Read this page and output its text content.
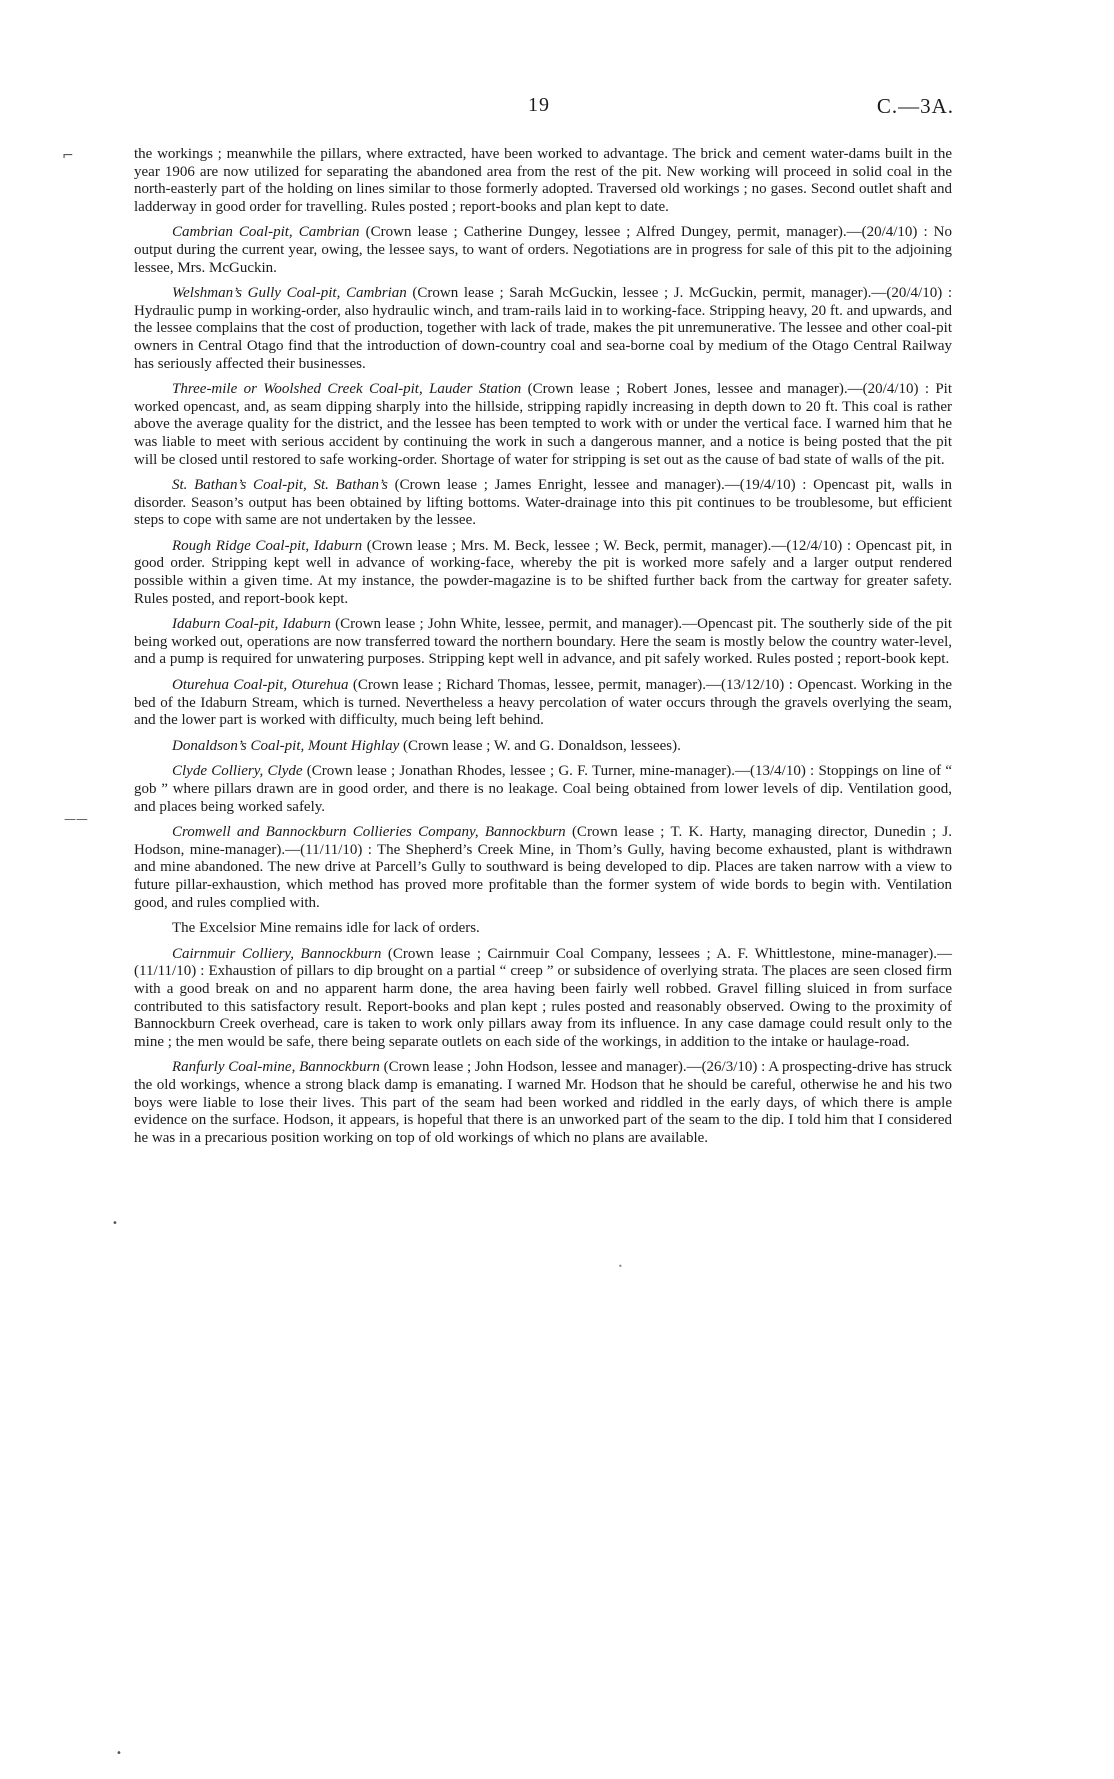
19	C.—3A.
⌐
— —
•
•
•

the workings ; meanwhile the pillars, where extracted, have been worked to advantage. The brick and cement water-dams built in the year 1906 are now utilized for separating the abandoned area from the rest of the pit. New working will proceed in solid coal in the north-easterly part of the holding on lines similar to those formerly adopted. Traversed old workings ; no gases. Second outlet shaft and ladderway in good order for travelling. Rules posted ; report-books and plan kept to date.

Cambrian Coal-pit, Cambrian (Crown lease ; Catherine Dungey, lessee ; Alfred Dungey, permit, manager).—(20/4/10) : No output during the current year, owing, the lessee says, to want of orders. Negotiations are in progress for sale of this pit to the adjoining lessee, Mrs. McGuckin.

Welshman’s Gully Coal-pit, Cambrian (Crown lease ; Sarah McGuckin, lessee ; J. McGuckin, permit, manager).—(20/4/10) : Hydraulic pump in working-order, also hydraulic winch, and tram-rails laid in to working-face. Stripping heavy, 20 ft. and upwards, and the lessee complains that the cost of production, together with lack of trade, makes the pit unremunerative. The lessee and other coal-pit owners in Central Otago find that the introduction of down-country coal and sea-borne coal by medium of the Otago Central Railway has seriously affected their businesses.

Three-mile or Woolshed Creek Coal-pit, Lauder Station (Crown lease ; Robert Jones, lessee and manager).—(20/4/10) : Pit worked opencast, and, as seam dipping sharply into the hillside, stripping rapidly increasing in depth down to 20 ft. This coal is rather above the average quality for the district, and the lessee has been tempted to work with or under the vertical face. I warned him that he was liable to meet with serious accident by continuing the work in such a dangerous manner, and a notice is being posted that the pit will be closed until restored to safe working-order. Shortage of water for stripping is set out as the cause of bad state of walls of the pit.

St. Bathan’s Coal-pit, St. Bathan’s (Crown lease ; James Enright, lessee and manager).—(19/4/10) : Opencast pit, walls in disorder. Season’s output has been obtained by lifting bottoms. Water-drainage into this pit continues to be troublesome, but efficient steps to cope with same are not undertaken by the lessee.

Rough Ridge Coal-pit, Idaburn (Crown lease ; Mrs. M. Beck, lessee ; W. Beck, permit, manager).—(12/4/10) : Opencast pit, in good order. Stripping kept well in advance of working-face, whereby the pit is worked more safely and a larger output rendered possible within a given time. At my instance, the powder-magazine is to be shifted further back from the cartway for greater safety. Rules posted, and report-book kept.

Idaburn Coal-pit, Idaburn (Crown lease ; John White, lessee, permit, and manager).—Opencast pit. The southerly side of the pit being worked out, operations are now transferred toward the northern boundary. Here the seam is mostly below the country water-level, and a pump is required for unwatering purposes. Stripping kept well in advance, and pit safely worked. Rules posted ; report-book kept.

Oturehua Coal-pit, Oturehua (Crown lease ; Richard Thomas, lessee, permit, manager).—(13/12/10) : Opencast. Working in the bed of the Idaburn Stream, which is turned. Nevertheless a heavy percolation of water occurs through the gravels overlying the seam, and the lower part is worked with difficulty, much being left behind.

Donaldson’s Coal-pit, Mount Highlay (Crown lease ; W. and G. Donaldson, lessees).

Clyde Colliery, Clyde (Crown lease ; Jonathan Rhodes, lessee ; G. F. Turner, mine-manager).—(13/4/10) : Stoppings on line of “ gob ” where pillars drawn are in good order, and there is no leakage. Coal being obtained from lower levels of dip. Ventilation good, and places being worked safely.

Cromwell and Bannockburn Collieries Company, Bannockburn (Crown lease ; T. K. Harty, managing director, Dunedin ; J. Hodson, mine-manager).—(11/11/10) : The Shepherd’s Creek Mine, in Thom’s Gully, having become exhausted, plant is withdrawn and mine abandoned. The new drive at Parcell’s Gully to southward is being developed to dip. Places are taken narrow with a view to future pillar-exhaustion, which method has proved more profitable than the former system of wide bords to begin with. Ventilation good, and rules complied with.

The Excelsior Mine remains idle for lack of orders.

Cairnmuir Colliery, Bannockburn (Crown lease ; Cairnmuir Coal Company, lessees ; A. F. Whittlestone, mine-manager).—(11/11/10) : Exhaustion of pillars to dip brought on a partial “ creep ” or subsidence of overlying strata. The places are seen closed firm with a good break on and no apparent harm done, the area having been fairly well robbed. Gravel filling sluiced in from surface contributed to this satisfactory result. Report-books and plan kept ; rules posted and reasonably observed. Owing to the proximity of Bannockburn Creek overhead, care is taken to work only pillars away from its influence. In any case damage could result only to the mine ; the men would be safe, there being separate outlets on each side of the workings, in addition to the intake or haulage-road.

Ranfurly Coal-mine, Bannockburn (Crown lease ; John Hodson, lessee and manager).—(26/3/10) : A prospecting-drive has struck the old workings, whence a strong black damp is emanating. I warned Mr. Hodson that he should be careful, otherwise he and his two boys were liable to lose their lives. This part of the seam had been worked and riddled in the early days, of which there is ample evidence on the surface. Hodson, it appears, is hopeful that there is an unworked part of the seam to the dip. I told him that I considered he was in a precarious position working on top of old workings of which no plans are available.
